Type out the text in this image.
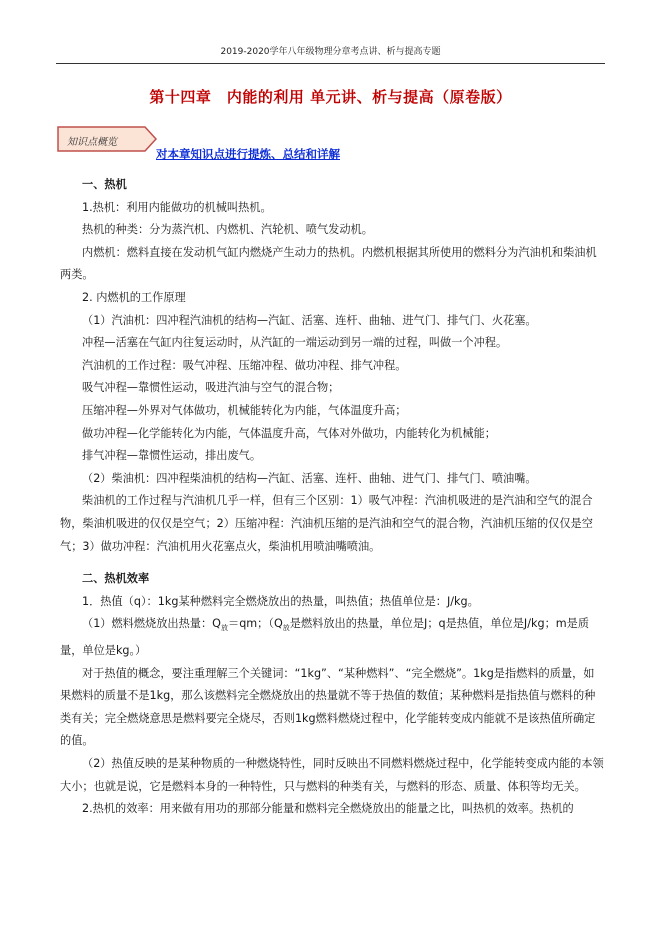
2019-2020学年八年级物理分章考点讲、析与提高专题
第十四章　内能的利用 单元讲、析与提高（原卷版）
知识点概览
对本章知识点进行提炼、总结和详解

一、热机

1.热机：利用内能做功的机械叫热机。

热机的种类：分为蒸汽机、内燃机、汽轮机、喷气发动机。

内燃机：燃料直接在发动机气缸内燃烧产生动力的热机。内燃机根据其所使用的燃料分为汽油机和柴油机两类。

2. 内燃机的工作原理

（1）汽油机：四冲程汽油机的结构—汽缸、活塞、连杆、曲轴、进气门、排气门、火花塞。

冲程—活塞在气缸内往复运动时，从汽缸的一端运动到另一端的过程，叫做一个冲程。

汽油机的工作过程：吸气冲程、压缩冲程、做功冲程、排气冲程。

吸气冲程—靠惯性运动，吸进汽油与空气的混合物；

压缩冲程—外界对气体做功，机械能转化为内能，气体温度升高；

做功冲程—化学能转化为内能，气体温度升高，气体对外做功，内能转化为机械能；

排气冲程—靠惯性运动，排出废气。

（2）柴油机：四冲程柴油机的结构—汽缸、活塞、连杆、曲轴、进气门、排气门、喷油嘴。

柴油机的工作过程与汽油机几乎一样，但有三个区别：1）吸气冲程：汽油机吸进的是汽油和空气的混合物，柴油机吸进的仅仅是空气；2）压缩冲程：汽油机压缩的是汽油和空气的混合物，汽油机压缩的仅仅是空气；3）做功冲程：汽油机用火花塞点火，柴油机用喷油嘴喷油。

二、热机效率

1．热值（q）：1kg某种燃料完全燃烧放出的热量，叫热值；热值单位是：J/kg。

（1）燃料燃烧放出热量：$Q_放=qm$；（$Q_放$是燃料放出的热量，单位是J；q是热值，单位是J/kg；m是质量，单位是kg。）

对于热值的概念，要注重理解三个关键词：“1kg”、“某种燃料”、“完全燃烧”。1kg是指燃料的质量，如果燃料的质量不是1kg，那么该燃料完全燃烧放出的热量就不等于热值的数值；某种燃料是指热值与燃料的种类有关；完全燃烧意思是燃料要完全烧尽，否则1kg燃料燃烧过程中，化学能转变成内能就不是该热值所确定的值。

（2）热值反映的是某种物质的一种燃烧特性，同时反映出不同燃料燃烧过程中，化学能转变成内能的本领大小；也就是说，它是燃料本身的一种特性，只与燃料的种类有关，与燃料的形态、质量、体积等均无关。

2.热机的效率：用来做有用功的那部分能量和燃料完全燃烧放出的能量之比，叫热机的效率。热机的
